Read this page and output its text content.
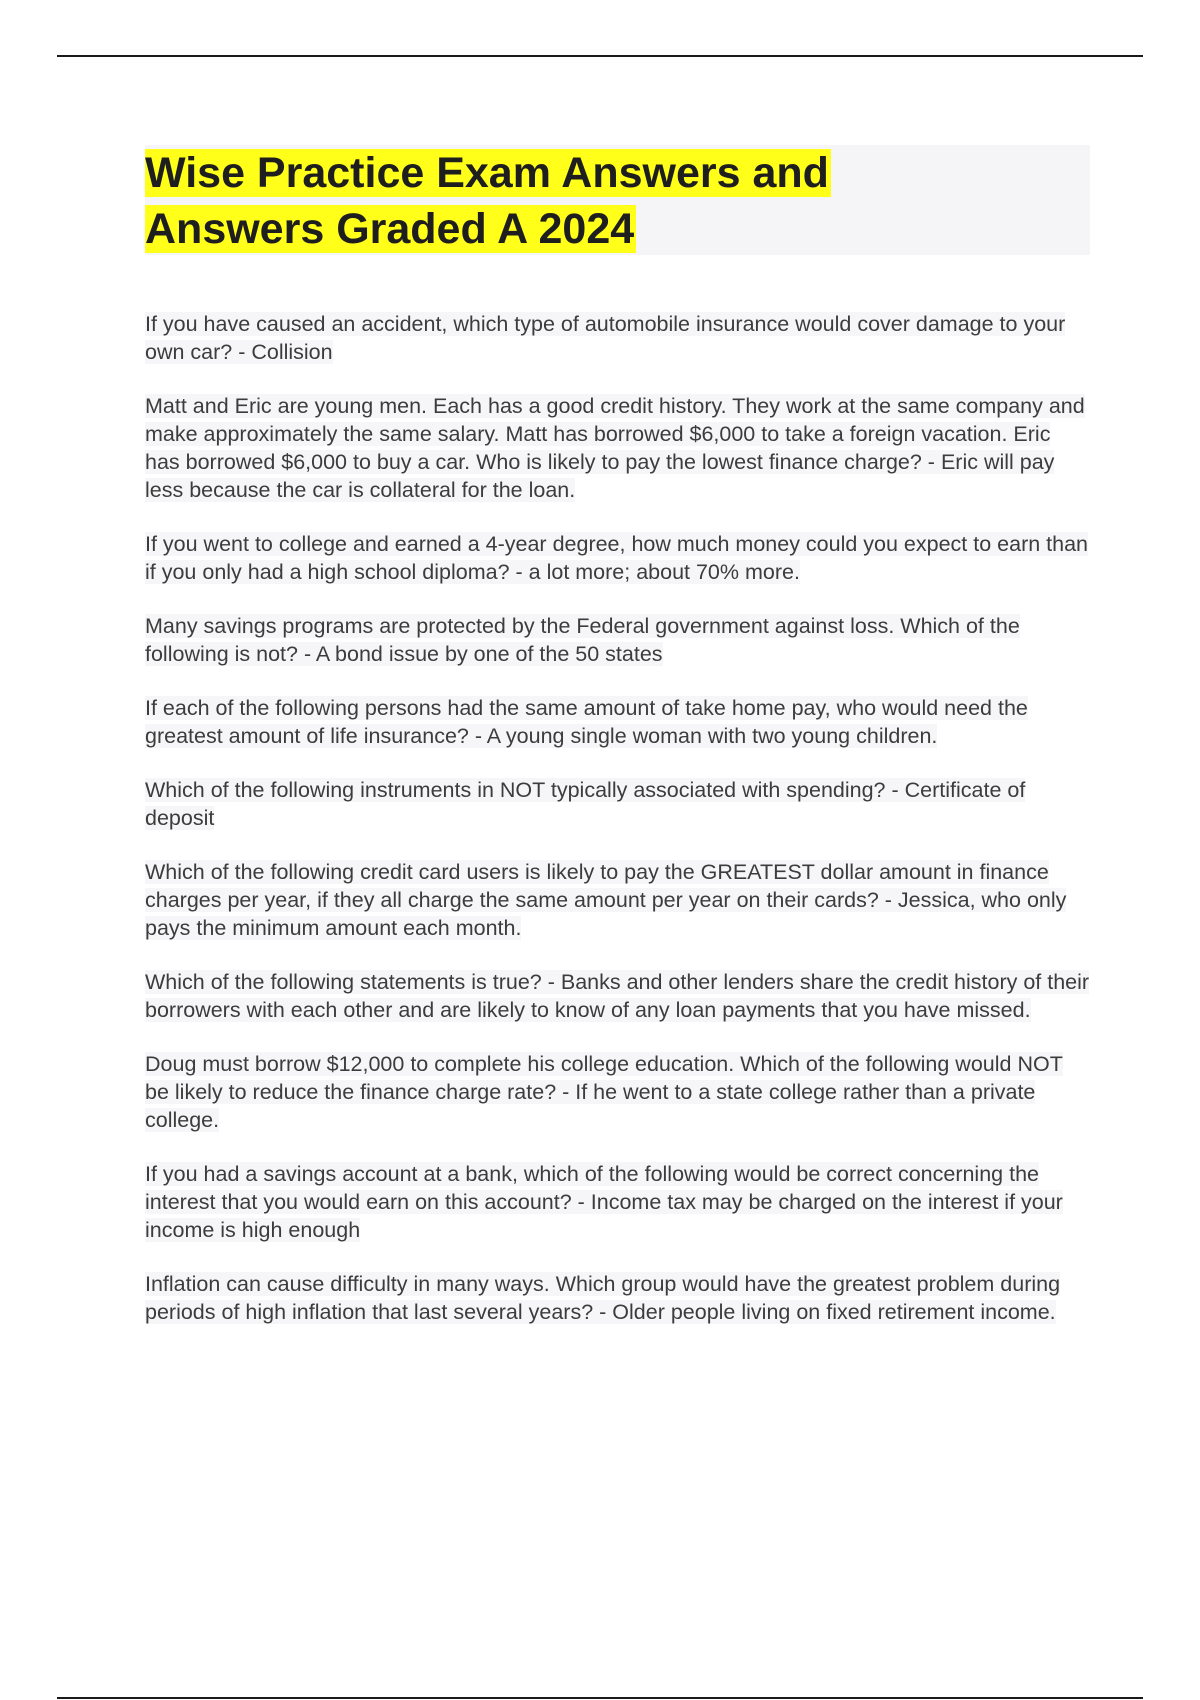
Wise Practice Exam Answers and
Answers Graded A 2024

If you have caused an accident, which type of automobile insurance would cover damage to your own car? - Collision

Matt and Eric are young men. Each has a good credit history. They work at the same company and make approximately the same salary. Matt has borrowed $6,000 to take a foreign vacation. Eric has borrowed $6,000 to buy a car. Who is likely to pay the lowest finance charge? - Eric will pay less because the car is collateral for the loan.

If you went to college and earned a 4-year degree, how much money could you expect to earn than if you only had a high school diploma? - a lot more; about 70% more.

Many savings programs are protected by the Federal government against loss. Which of the following is not? - A bond issue by one of the 50 states

If each of the following persons had the same amount of take home pay, who would need the greatest amount of life insurance? - A young single woman with two young children.

Which of the following instruments in NOT typically associated with spending? - Certificate of deposit

Which of the following credit card users is likely to pay the GREATEST dollar amount in finance charges per year, if they all charge the same amount per year on their cards? - Jessica, who only pays the minimum amount each month.

Which of the following statements is true? - Banks and other lenders share the credit history of their borrowers with each other and are likely to know of any loan payments that you have missed.

Doug must borrow $12,000 to complete his college education. Which of the following would NOT be likely to reduce the finance charge rate? - If he went to a state college rather than a private college.

If you had a savings account at a bank, which of the following would be correct concerning the interest that you would earn on this account? - Income tax may be charged on the interest if your income is high enough

Inflation can cause difficulty in many ways. Which group would have the greatest problem during periods of high inflation that last several years? - Older people living on fixed retirement income.
